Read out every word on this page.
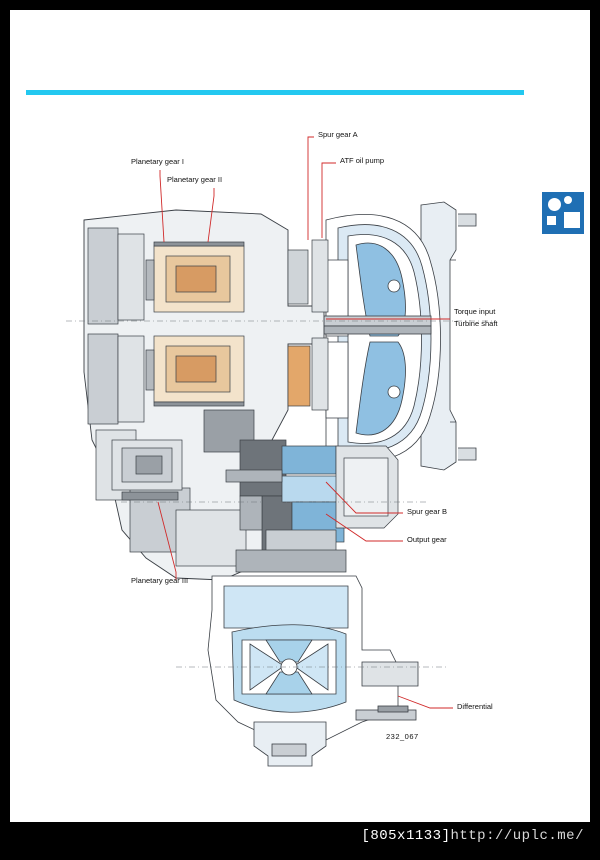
Planetary gear I
Planetary gear II
Spur gear A
ATF oil pump
Torque input
Turbine shaft
Spur gear B
Output gear
Planetary gear III
Differential
232_067
[805x1133]http://uplc.me/
